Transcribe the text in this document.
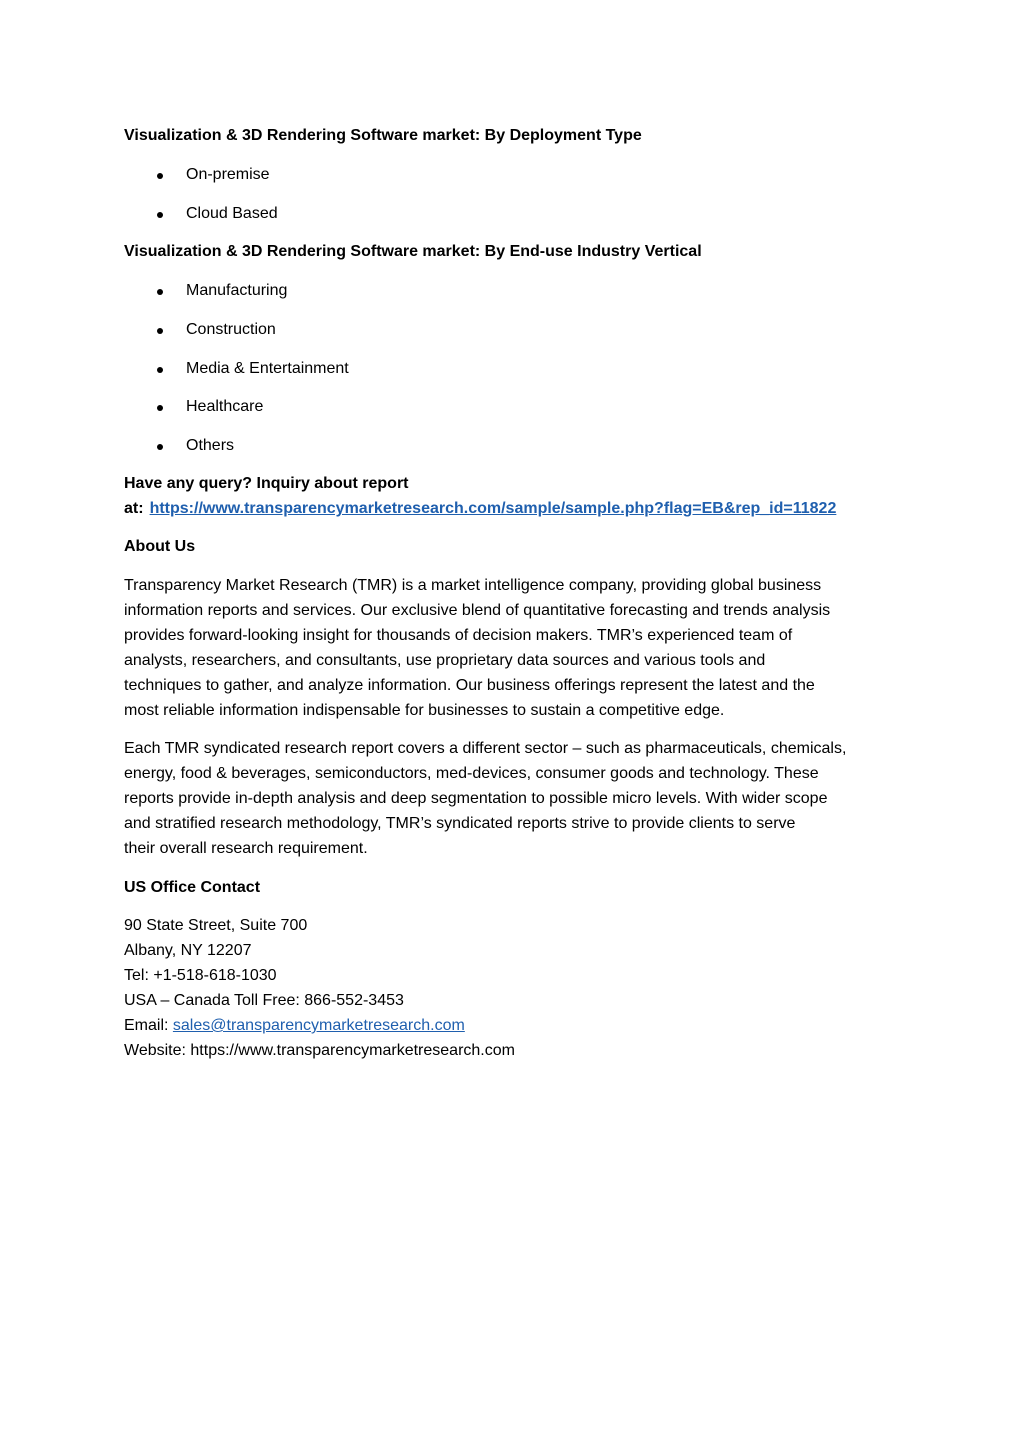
Visualization & 3D Rendering Software market: By Deployment Type
On-premise
Cloud Based
Visualization & 3D Rendering Software market: By End-use Industry Vertical
Manufacturing
Construction
Media & Entertainment
Healthcare
Others
Have any query? Inquiry about report
at: https://www.transparencymarketresearch.com/sample/sample.php?flag=EB&rep_id=11822
About Us
Transparency Market Research (TMR) is a market intelligence company, providing global business
information reports and services. Our exclusive blend of quantitative forecasting and trends analysis
provides forward-looking insight for thousands of decision makers. TMR’s experienced team of
analysts, researchers, and consultants, use proprietary data sources and various tools and
techniques to gather, and analyze information. Our business offerings represent the latest and the
most reliable information indispensable for businesses to sustain a competitive edge.
Each TMR syndicated research report covers a different sector – such as pharmaceuticals, chemicals,
energy, food & beverages, semiconductors, med-devices, consumer goods and technology. These
reports provide in-depth analysis and deep segmentation to possible micro levels. With wider scope
and stratified research methodology, TMR’s syndicated reports strive to provide clients to serve
their overall research requirement.
US Office Contact
90 State Street, Suite 700
Albany, NY 12207
Tel: +1-518-618-1030
USA – Canada Toll Free: 866-552-3453
Email: sales@transparencymarketresearch.com
Website: https://www.transparencymarketresearch.com
